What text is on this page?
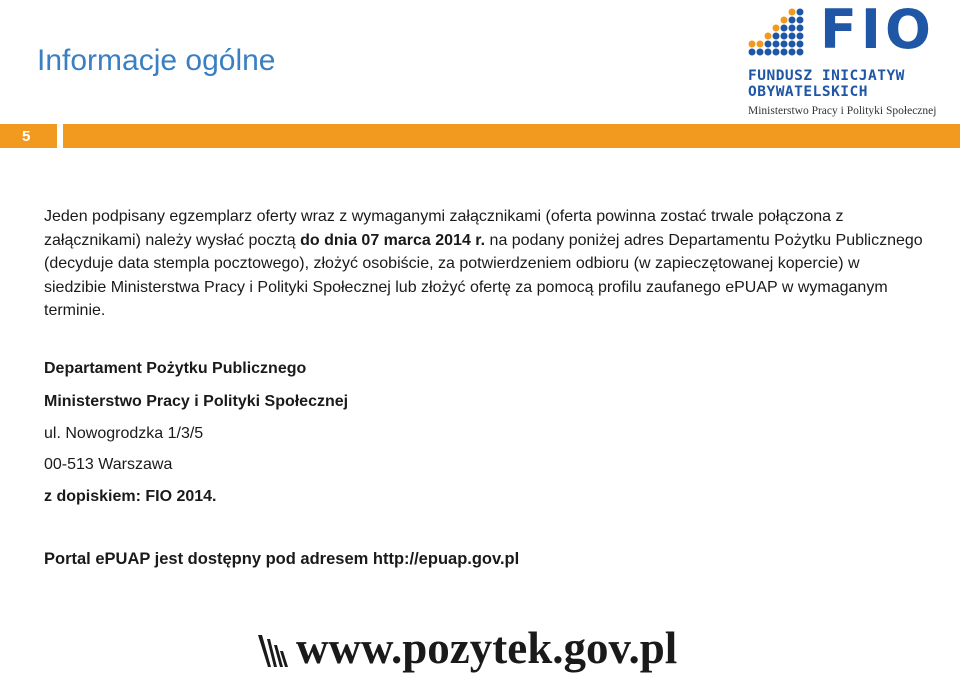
Informacje ogólne	FIO
FUNDUSZ INICJATYW
OBYWATELSKICH
Ministerstwo Pracy i Polityki Społecznej
5

Jeden podpisany egzemplarz oferty wraz z wymaganymi załącznikami (oferta powinna zostać trwale połączona z załącznikami) należy wysłać pocztą do dnia 07 marca 2014 r. na podany poniżej adres Departamentu Pożytku Publicznego (decyduje data stempla pocztowego), złożyć osobiście, za potwierdzeniem odbioru (w zapieczętowanej kopercie) w siedzibie Ministerstwa Pracy i Polityki Społecznej lub złożyć ofertę za pomocą profilu zaufanego ePUAP w wymaganym terminie.

Departament Pożytku Publicznego
Ministerstwo Pracy i Polityki Społecznej
ul. Nowogrodzka 1/3/5
00-513 Warszawa
z dopiskiem: FIO 2014.
Portal ePUAP jest dostępny pod adresem http://epuap.gov.pl
www.pozytek.gov.pl
